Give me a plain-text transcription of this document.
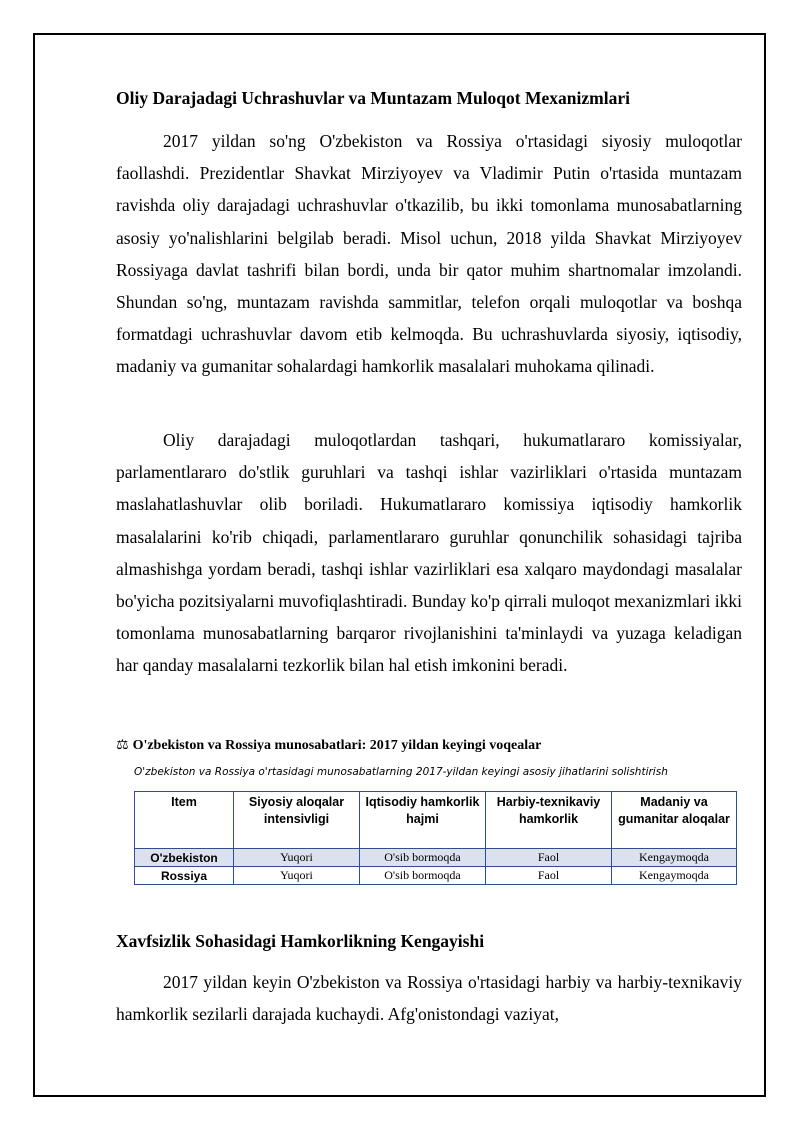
Oliy Darajadagi Uchrashuvlar va Muntazam Muloqot Mexanizmlari

2017 yildan so'ng O'zbekiston va Rossiya o'rtasidagi siyosiy muloqotlar faollashdi. Prezidentlar Shavkat Mirziyoyev va Vladimir Putin o'rtasida muntazam ravishda oliy darajadagi uchrashuvlar o'tkazilib, bu ikki tomonlama munosabatlarning asosiy yo'nalishlarini belgilab beradi. Misol uchun, 2018 yilda Shavkat Mirziyoyev Rossiyaga davlat tashrifi bilan bordi, unda bir qator muhim shartnomalar imzolandi. Shundan so'ng, muntazam ravishda sammitlar, telefon orqali muloqotlar va boshqa formatdagi uchrashuvlar davom etib kelmoqda. Bu uchrashuvlarda siyosiy, iqtisodiy, madaniy va gumanitar sohalardagi hamkorlik masalalari muhokama qilinadi.

Oliy darajadagi muloqotlardan tashqari, hukumatlararo komissiyalar, parlamentlararo do'stlik guruhlari va tashqi ishlar vazirliklari o'rtasida muntazam maslahatlashuvlar olib boriladi. Hukumatlararo komissiya iqtisodiy hamkorlik masalalarini ko'rib chiqadi, parlamentlararo guruhlar qonunchilik sohasidagi tajriba almashishga yordam beradi, tashqi ishlar vazirliklari esa xalqaro maydondagi masalalar bo'yicha pozitsiyalarni muvofiqlashtiradi. Bunday ko'p qirrali muloqot mexanizmlari ikki tomonlama munosabatlarning barqaror rivojlanishini ta'minlaydi va yuzaga keladigan har qanday masalalarni tezkorlik bilan hal etish imkonini beradi.

⚖ O'zbekiston va Rossiya munosabatlari: 2017 yildan keyingi voqealar
O'zbekiston va Rossiya o'rtasidagi munosabatlarning 2017-yildan keyingi asosiy jihatlarini solishtirish
Item	Siyosiy aloqalar intensivligi	Iqtisodiy hamkorlik hajmi	Harbiy-texnikaviy hamkorlik	Madaniy va gumanitar aloqalar
O'zbekiston	Yuqori	O'sib bormoqda	Faol	Kengaymoqda
Rossiya	Yuqori	O'sib bormoqda	Faol	Kengaymoqda
Xavfsizlik Sohasidagi Hamkorlikning Kengayishi

2017 yildan keyin O'zbekiston va Rossiya o'rtasidagi harbiy va harbiy-texnikaviy hamkorlik sezilarli darajada kuchaydi. Afg'onistondagi vaziyat,
